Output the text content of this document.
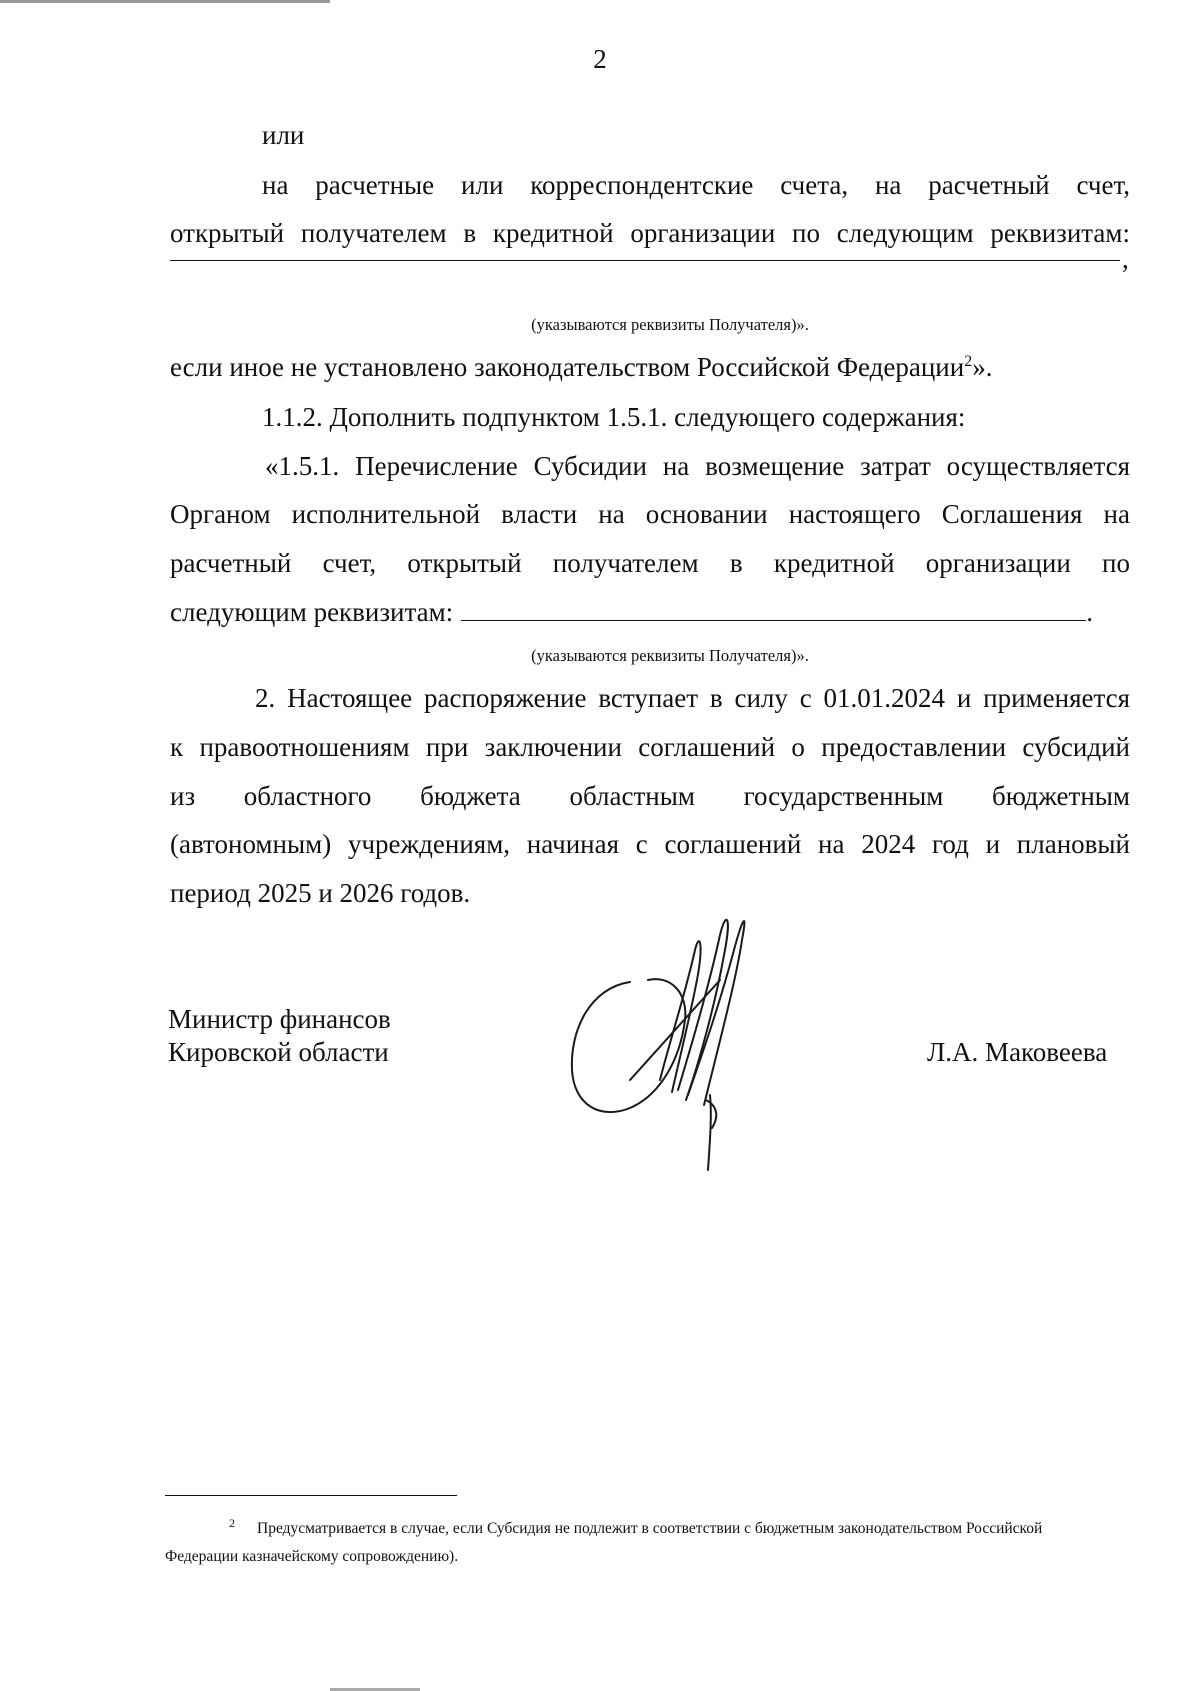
2
или
на расчетные или корреспондентские счета, на расчетный счет,
открытый получателем в кредитной организации по следующим реквизитам:
,
(указываются реквизиты Получателя)».
если иное не установлено законодательством Российской Федерации$^2$».
1.1.2. Дополнить подпунктом 1.5.1. следующего содержания:
«1.5.1. Перечисление Субсидии на возмещение затрат осуществляется
Органом исполнительной власти на основании настоящего Соглашения на
расчетный счет, открытый получателем в кредитной организации по
следующим реквизитам:	.
(указываются реквизиты Получателя)».
2. Настоящее распоряжение вступает в силу с 01.01.2024 и применяется
к правоотношениям при заключении соглашений о предоставлении субсидий
из областного бюджета областным государственным бюджетным
(автономным) учреждениям, начиная с соглашений на 2024 год и плановый
период 2025 и 2026 годов.
Министр финансов
Кировской области	Л.А. Маковеева
2 Предусматривается в случае, если Субсидия не подлежит в соответствии с бюджетным законодательством Российской
Федерации казначейскому сопровождению).
